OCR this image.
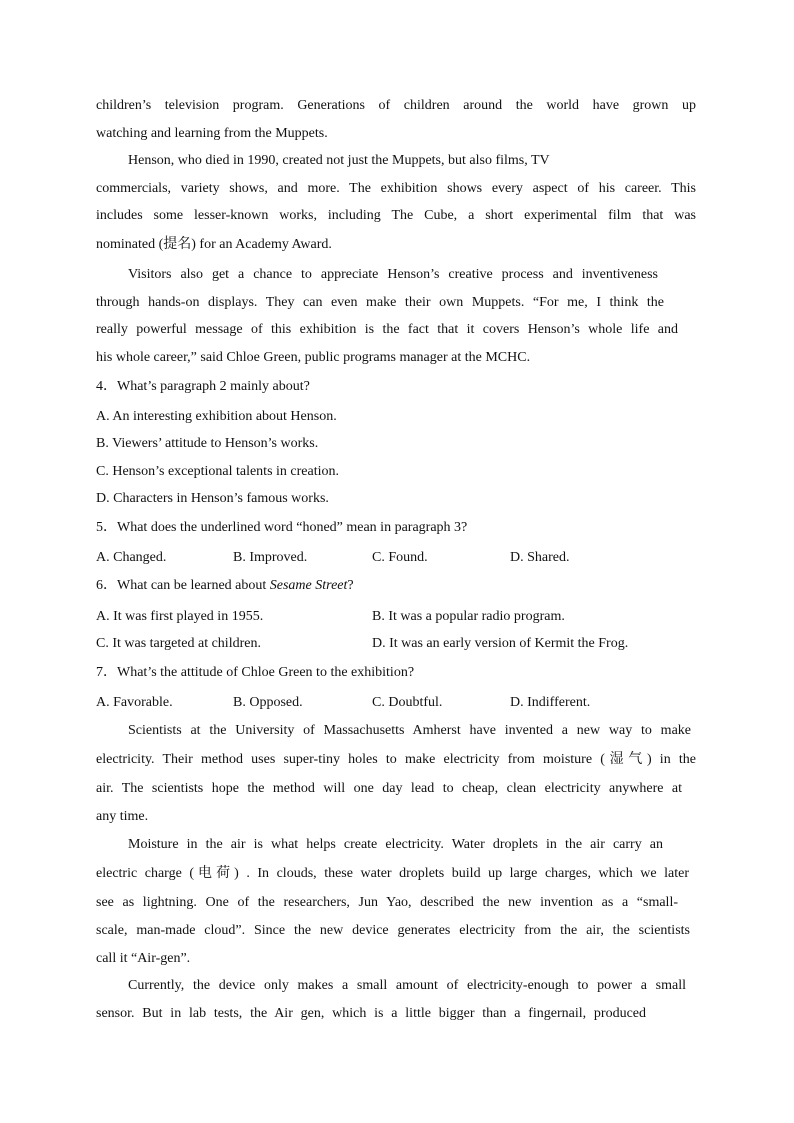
children’s television program. Generations of children around the world have grown up
watching and learning from the Muppets.
Henson, who died in 1990, created not just the Muppets, but also films, TV
commercials, variety shows, and more. The exhibition shows every aspect of his career. This
includes some lesser-known works, including The Cube, a short experimental film that was
nominated (提名) for an Academy Award.
Visitors also get a chance to appreciate Henson’s creative process and inventiveness
through hands-on displays. They can even make their own Muppets. “For me, I think the
really powerful message of this exhibition is the fact that it covers Henson’s whole life and
his whole career,” said Chloe Green, public programs manager at the MCHC.
4．What’s paragraph 2 mainly about?
A. An interesting exhibition about Henson.
B. Viewers’ attitude to Henson’s works.
C. Henson’s exceptional talents in creation.
D. Characters in Henson’s famous works.
5．What does the underlined word “honed” mean in paragraph 3?
A. Changed.	B. Improved.	C. Found.	D. Shared.
6．What can be learned about Sesame Street?
A. It was first played in 1955.	B. It was a popular radio program.
C. It was targeted at children.	D. It was an early version of Kermit the Frog.
7．What’s the attitude of Chloe Green to the exhibition?
A. Favorable.	B. Opposed.	C. Doubtful.	D. Indifferent.
Scientists at the University of Massachusetts Amherst have invented a new way to make
electricity. Their method uses super-tiny holes to make electricity from moisture (湿气) in the
air. The scientists hope the method will one day lead to cheap, clean electricity anywhere at
any time.
Moisture in the air is what helps create electricity. Water droplets in the air carry an
electric charge (电荷) . In clouds, these water droplets build up large charges, which we later
see as lightning. One of the researchers, Jun Yao, described the new invention as a “small-
scale, man-made cloud”. Since the new device generates electricity from the air, the scientists
call it “Air-gen”.
Currently, the device only makes a small amount of electricity-enough to power a small
sensor. But in lab tests, the Air gen, which is a little bigger than a fingernail, produced
